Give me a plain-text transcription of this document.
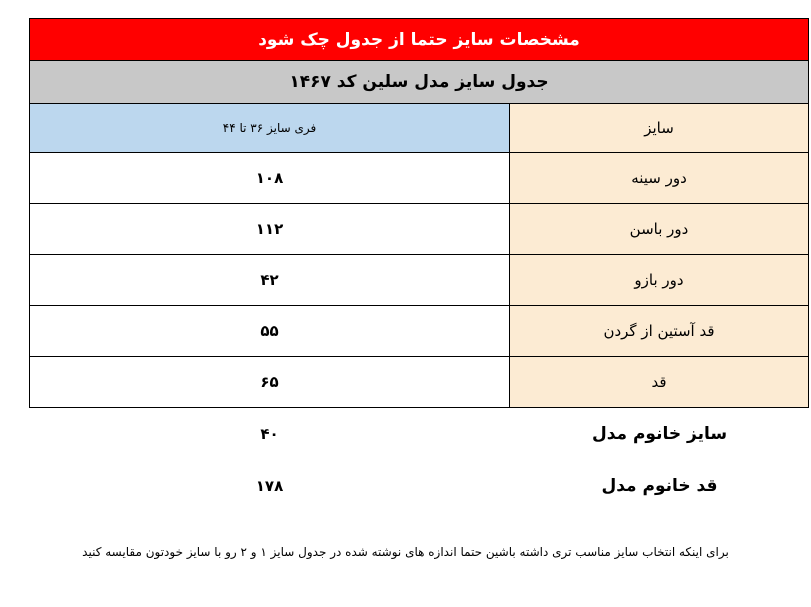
مشخصات سایز حتما از جدول چک شود
جدول سایز مدل سلین کد ۱۴۶۷
سایز
فری سایز ۳۶ تا ۴۴
دور سینه
۱۰۸
دور باسن
۱۱۲
دور بازو
۴۲
قد آستین از گردن
۵۵
قد
۶۵
سایز خانوم مدل
۴۰
قد خانوم مدل
۱۷۸
برای اینکه انتخاب سایز مناسب تری داشته باشین حتما اندازه های نوشته شده در جدول سایز ۱ و ۲ رو با سایز خودتون مقایسه کنید
